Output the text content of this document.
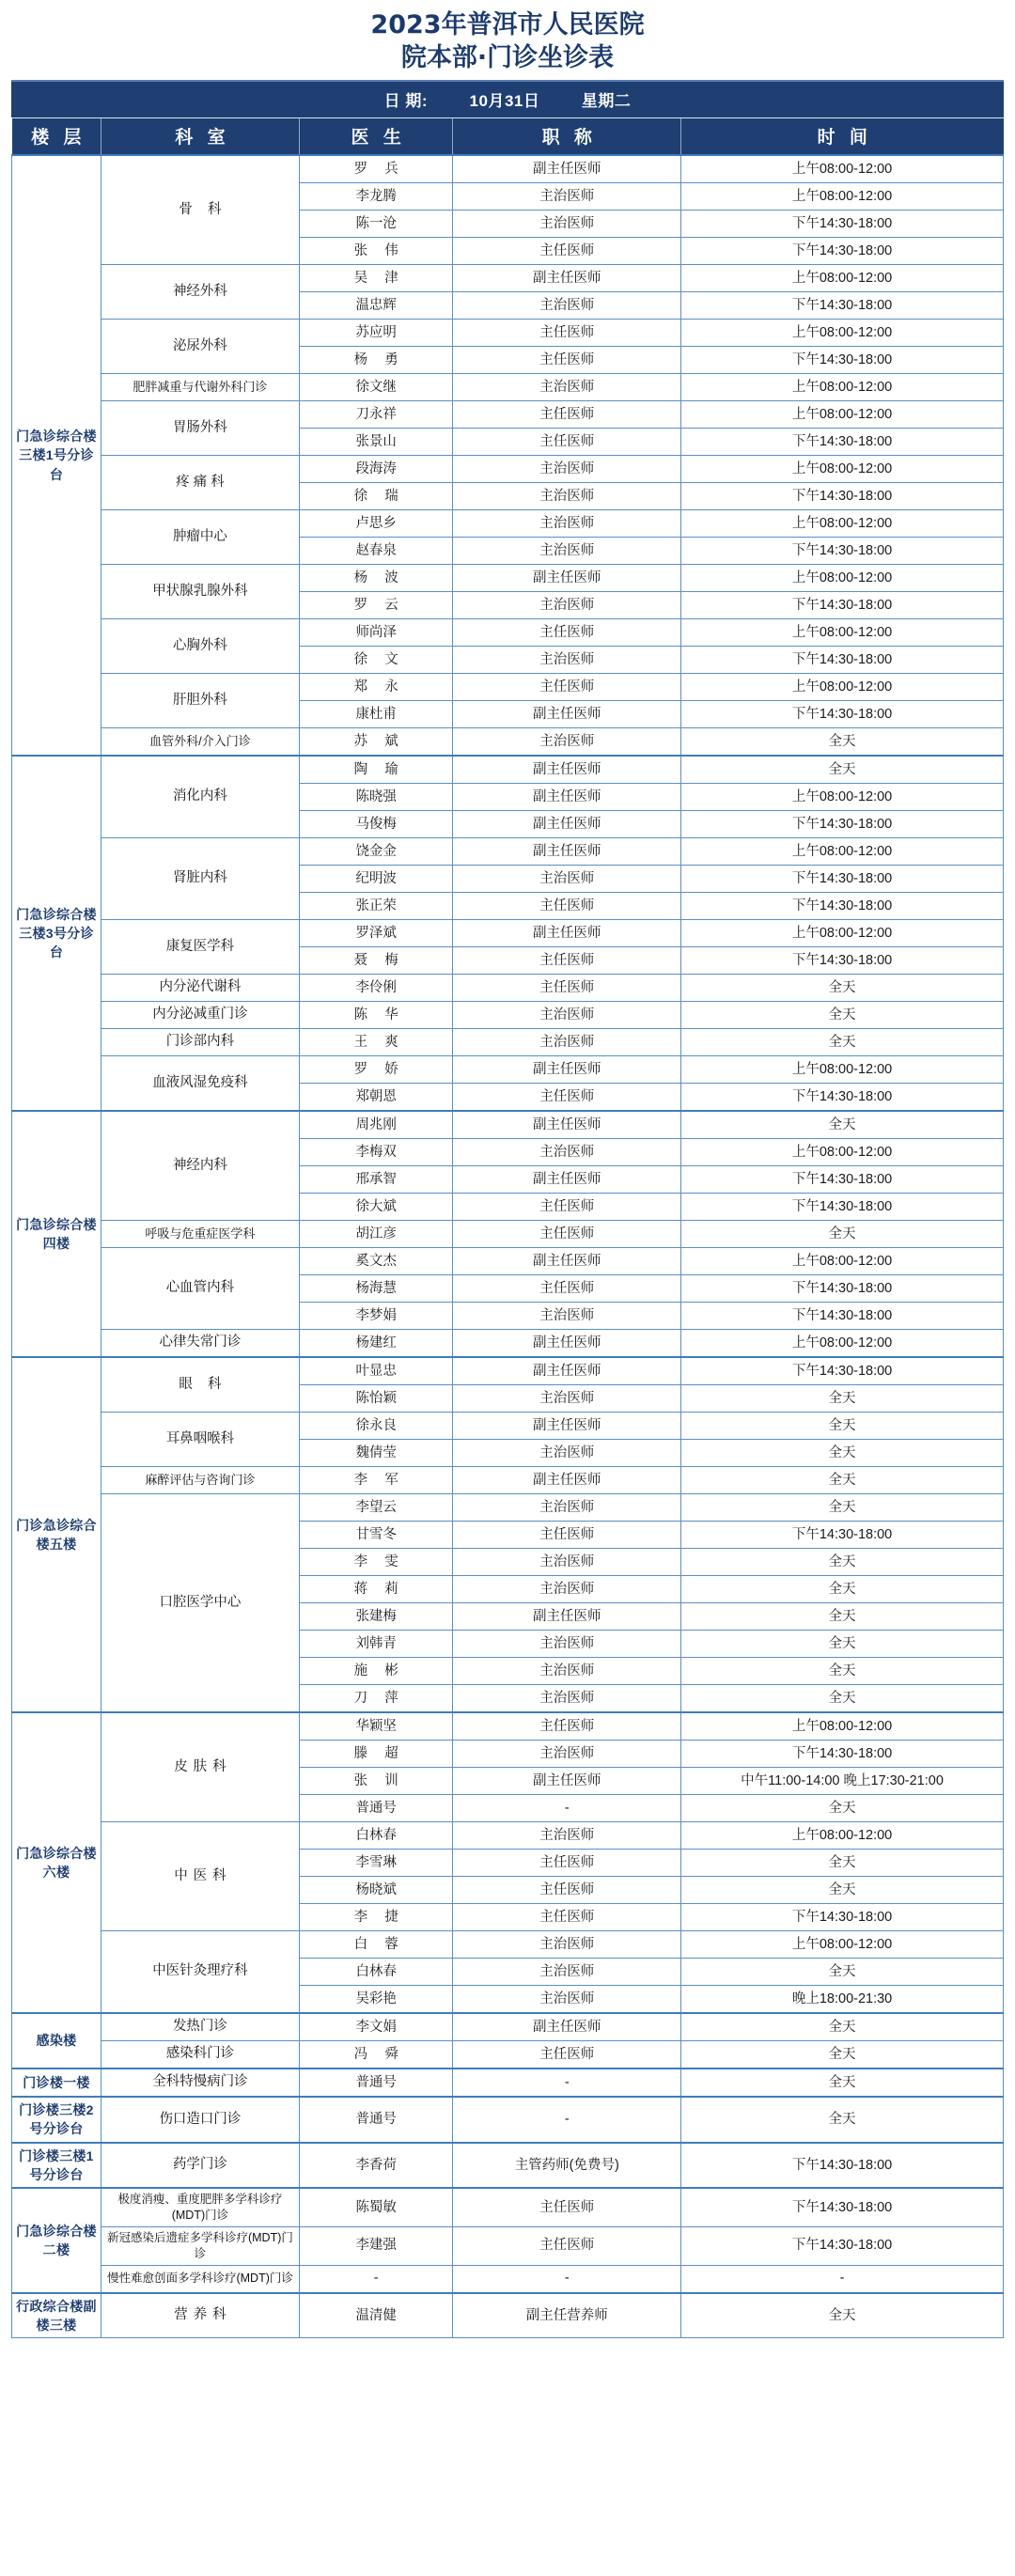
2023年普洱市人民医院
院本部·门诊坐诊表
日 期:	10月31日	星期二
楼 层	科 室	医 生	职 称	时 间
门急诊综合楼三楼1号分诊台	骨 科	罗 兵	副主任医师	上午08:00-12:00
		李龙腾	主治医师	上午08:00-12:00
		陈一沧	主治医师	下午14:30-18:00
		张 伟	主任医师	下午14:30-18:00
	神经外科	吴 津	副主任医师	上午08:00-12:00
		温忠辉	主治医师	下午14:30-18:00
	泌尿外科	苏应明	主任医师	上午08:00-12:00
		杨 勇	主任医师	下午14:30-18:00
	肥胖减重与代谢外科门诊	徐文继	主治医师	上午08:00-12:00
	胃肠外科	刀永祥	主任医师	上午08:00-12:00
		张景山	主任医师	下午14:30-18:00
	疼 痛 科	段海涛	主治医师	上午08:00-12:00
		徐 瑞	主治医师	下午14:30-18:00
	肿瘤中心	卢思乡	主治医师	上午08:00-12:00
		赵春泉	主治医师	下午14:30-18:00
	甲状腺乳腺外科	杨 波	副主任医师	上午08:00-12:00
		罗 云	主治医师	下午14:30-18:00
	心胸外科	师尚泽	主任医师	上午08:00-12:00
		徐 文	主治医师	下午14:30-18:00
	肝胆外科	郑 永	主任医师	上午08:00-12:00
		康杜甫	副主任医师	下午14:30-18:00
	血管外科/介入门诊	苏 斌	主治医师	全天
门急诊综合楼三楼3号分诊台	消化内科	陶 瑜	副主任医师	全天
		陈晓强	副主任医师	上午08:00-12:00
		马俊梅	副主任医师	下午14:30-18:00
	肾脏内科	饶金金	副主任医师	上午08:00-12:00
		纪明波	主治医师	下午14:30-18:00
		张正荣	主任医师	下午14:30-18:00
	康复医学科	罗泽斌	副主任医师	上午08:00-12:00
		聂 梅	主任医师	下午14:30-18:00
	内分泌代谢科	李伶俐	主任医师	全天
	内分泌减重门诊	陈 华	主治医师	全天
	门诊部内科	王 爽	主治医师	全天
	血液风湿免疫科	罗 娇	副主任医师	上午08:00-12:00
		郑朝恩	主任医师	下午14:30-18:00
门急诊综合楼四楼	神经内科	周兆刚	副主任医师	全天
		李梅双	主治医师	上午08:00-12:00
		邢承智	副主任医师	下午14:30-18:00
		徐大斌	主任医师	下午14:30-18:00
	呼吸与危重症医学科	胡江彦	主任医师	全天
	心血管内科	奚文杰	副主任医师	上午08:00-12:00
		杨海慧	主任医师	下午14:30-18:00
		李梦娟	主治医师	下午14:30-18:00
	心律失常门诊	杨建红	副主任医师	上午08:00-12:00
门诊急诊综合楼五楼	眼 科	叶显忠	副主任医师	下午14:30-18:00
		陈怡颖	主治医师	全天
	耳鼻咽喉科	徐永良	副主任医师	全天
		魏倩莹	主治医师	全天
	麻醉评估与咨询门诊	李 军	副主任医师	全天
	口腔医学中心	李望云	主治医师	全天
		甘雪冬	主任医师	下午14:30-18:00
		李 雯	主治医师	全天
		蒋 莉	主治医师	全天
		张建梅	副主任医师	全天
		刘韩青	主治医师	全天
		施 彬	主治医师	全天
		刀 萍	主治医师	全天
门急诊综合楼六楼	皮肤科	华颖坚	主任医师	上午08:00-12:00
		滕 超	主治医师	下午14:30-18:00
		张 训	副主任医师	中午11:00-14:00 晚上17:30-21:00
		普通号	-	全天
	中医科	白林春	主治医师	上午08:00-12:00
		李雪琳	主任医师	全天
		杨晓斌	主任医师	全天
		李 捷	主任医师	下午14:30-18:00
	中医针灸理疗科	白 蓉	主治医师	上午08:00-12:00
		白林春	主治医师	全天
		吴彩艳	主治医师	晚上18:00-21:30
感染楼	发热门诊	李文娟	副主任医师	全天
	感染科门诊	冯 舜	主任医师	全天
门诊楼一楼	全科特慢病门诊	普通号	-	全天
门诊楼三楼2号分诊台	伤口造口门诊	普通号	-	全天
门诊楼三楼1号分诊台	药学门诊	李香荷	主管药师(免费号)	下午14:30-18:00
门急诊综合楼二楼	极度消瘦、重度肥胖多学科诊疗(MDT)门诊	陈蜀敏	主任医师	下午14:30-18:00
	新冠感染后遗症多学科诊疗(MDT)门诊	李建强	主任医师	下午14:30-18:00
	慢性难愈创面多学科诊疗(MDT)门诊	-	-	-
行政综合楼副楼三楼	营养科	温清健	副主任营养师	全天
